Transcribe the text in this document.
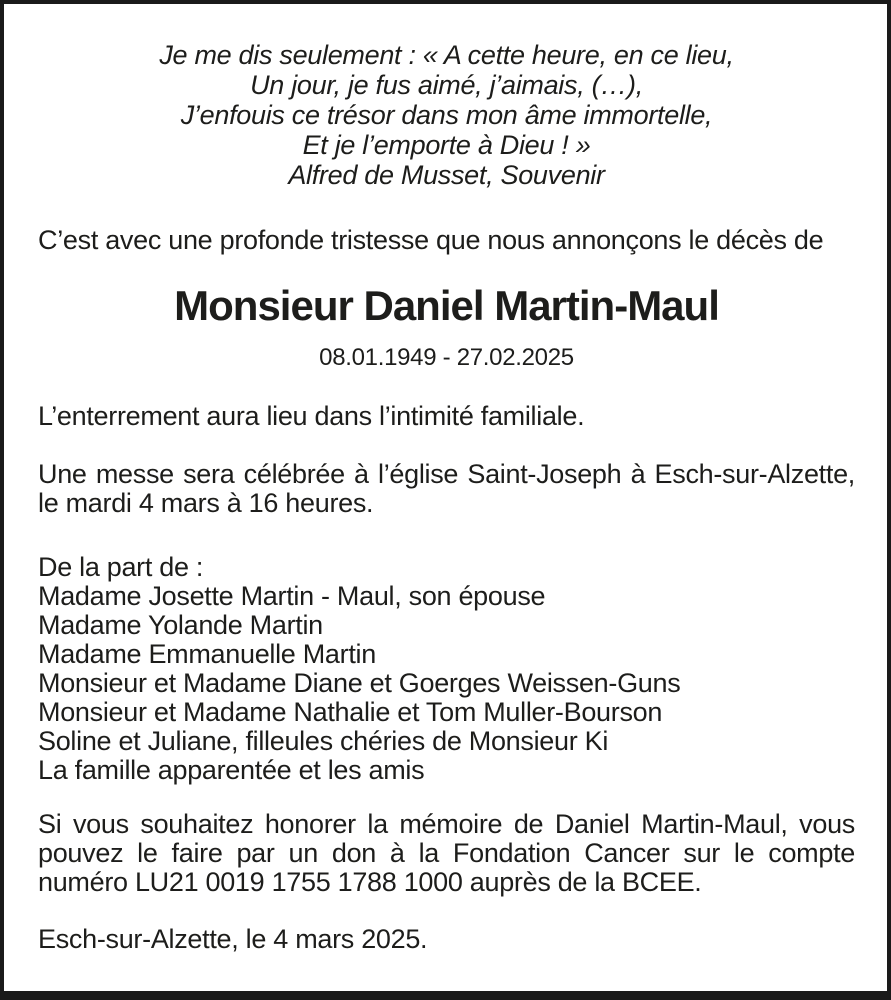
Je me dis seulement : « A cette heure, en ce lieu,
Un jour, je fus aimé, j’aimais, (…),
J’enfouis ce trésor dans mon âme immortelle,
Et je l’emporte à Dieu ! »
Alfred de Musset, Souvenir

C’est avec une profonde tristesse que nous annonçons le décès de

Monsieur Daniel Martin-Maul
08.01.1949 - 27.02.2025

L’enterrement aura lieu dans l’intimité familiale.

Une messe sera célébrée à l’église Saint-Joseph à Esch-sur-Alzette, le mardi 4 mars à 16 heures.

De la part de :
Madame Josette Martin - Maul, son épouse
Madame Yolande Martin
Madame Emmanuelle Martin
Monsieur et Madame Diane et Goerges Weissen-Guns
Monsieur et Madame Nathalie et Tom Muller-Bourson
Soline et Juliane, filleules chéries de Monsieur Ki
La famille apparentée et les amis

Si vous souhaitez honorer la mémoire de Daniel Martin-Maul, vous pouvez le faire par un don à la Fondation Cancer sur le compte numéro LU21 0019 1755 1788 1000 auprès de la BCEE.

Esch-sur-Alzette, le 4 mars 2025.
